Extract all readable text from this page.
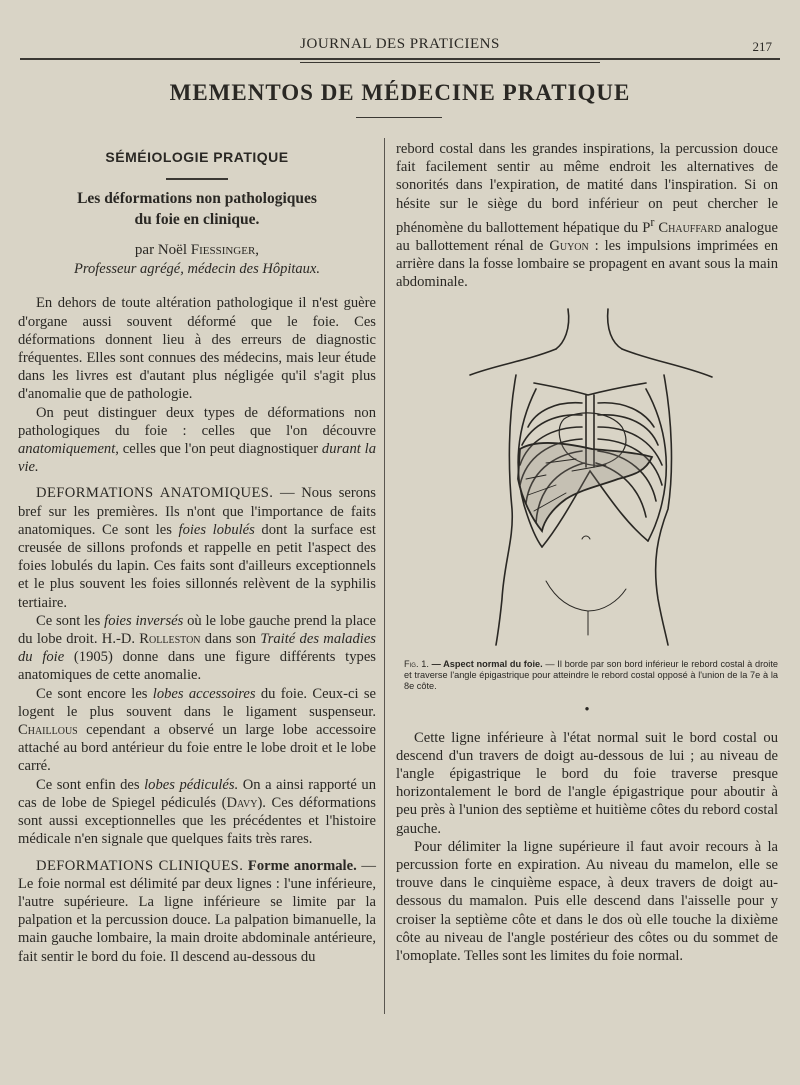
JOURNAL DES PRATICIENS	217
MEMENTOS DE MÉDECINE PRATIQUE
SÉMÉIOLOGIE PRATIQUE
Les déformations non pathologiques
du foie en clinique.
par Noël Fiessinger,
Professeur agrégé, médecin des Hôpitaux.

En dehors de toute altération pathologique il n'est guère d'organe aussi souvent déformé que le foie. Ces déformations donnent lieu à des erreurs de diagnostic fréquentes. Elles sont connues des médecins, mais leur étude dans les livres est d'autant plus négligée qu'il s'agit plus d'anomalie que de pathologie.

On peut distinguer deux types de déformations non pathologiques du foie : celles que l'on découvre anatomiquement, celles que l'on peut diagnostiquer durant la vie.

DEFORMATIONS ANATOMIQUES. — Nous serons bref sur les premières. Ils n'ont que l'importance de faits anatomiques. Ce sont les foies lobulés dont la surface est creusée de sillons profonds et rappelle en petit l'aspect des foies lobulés du lapin. Ces faits sont d'ailleurs exceptionnels et le plus souvent les foies sillonnés relèvent de la syphilis tertiaire.

Ce sont les foies inversés où le lobe gauche prend la place du lobe droit. H.-D. Rolleston dans son Traité des maladies du foie (1905) donne dans une figure différents types anatomiques de cette anomalie.

Ce sont encore les lobes accessoires du foie. Ceux-ci se logent le plus souvent dans le ligament suspenseur. Chaillous cependant a observé un large lobe accessoire attaché au bord antérieur du foie entre le lobe droit et le lobe carré.

Ce sont enfin des lobes pédiculés. On a ainsi rapporté un cas de lobe de Spiegel pédiculés (Davy). Ces déformations sont aussi exceptionnelles que les précédentes et l'histoire médicale n'en signale que quelques faits très rares.

DEFORMATIONS CLINIQUES. Forme anormale. — Le foie normal est délimité par deux lignes : l'une inférieure, l'autre supérieure. La ligne inférieure se limite par la palpation et la percussion douce. La palpation bimanuelle, la main gauche lombaire, la main droite abdominale antérieure, fait sentir le bord du foie. Il descend au-dessous du

rebord costal dans les grandes inspirations, la percussion douce fait facilement sentir au même endroit les alternatives de sonorités dans l'expiration, de matité dans l'inspiration. Si on hésite sur le siège du bord inférieur on peut chercher le phénomène du ballottement hépatique du $P^r$ Chauffard analogue au ballottement rénal de Guyon : les impulsions imprimées en arrière dans la fosse lombaire se propagent en avant sous la main abdominale.

Fig. 1. — Aspect normal du foie. — Il borde par son bord inférieur le rebord costal à droite et traverse l'angle épigastrique pour atteindre le rebord costal opposé à l'union de la 7e à la 8e côte.
●

Cette ligne inférieure à l'état normal suit le bord costal ou descend d'un travers de doigt au-dessous de lui ; au niveau de l'angle épigastrique le bord du foie traverse presque horizontalement le bord de l'angle épigastrique pour aboutir à peu près à l'union des septième et huitième côtes du rebord costal gauche.

Pour délimiter la ligne supérieure il faut avoir recours à la percussion forte en expiration. Au niveau du mamelon, elle se trouve dans le cinquième espace, à deux travers de doigt au-dessous du mamalon. Puis elle descend dans l'aisselle pour y croiser la septième côte et dans le dos où elle touche la dixième côte au niveau de l'angle postérieur des côtes ou du sommet de l'omoplate. Telles sont les limites du foie normal.
